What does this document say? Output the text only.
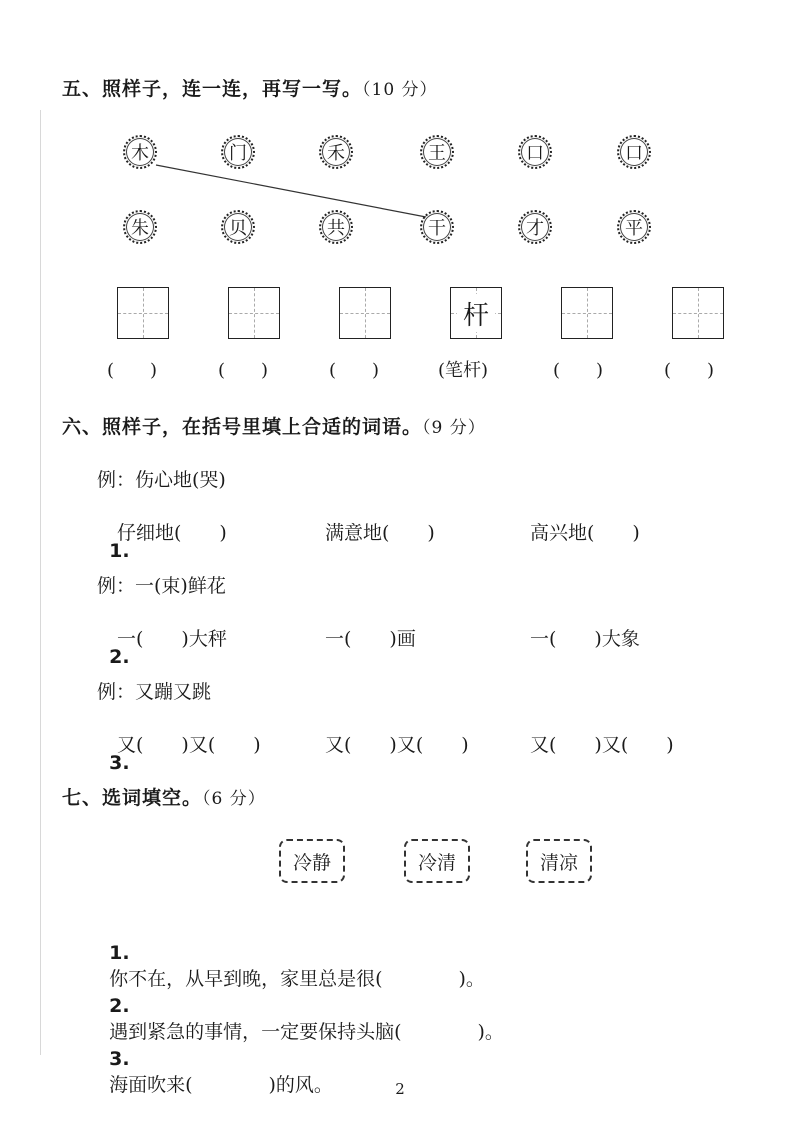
五、照样子，连一连，再写一写。（10 分）
木	门	禾	王	口	口
朱	贝	共	干	才	平
杆
(　　)	(　　)	(　　)	(笔杆)	(　　)	(　　)
六、照样子，在括号里填上合适的词语。（9 分）
例：伤心地(哭)

1.

仔细地(　　)	满意地(　　)	高兴地(　　)
例：一(束)鲜花

2.

一(　　)大秤	一(　　)画	一(　　)大象
例：又蹦又跳

3.

又(　　)又(　　)	又(　　)又(　　)	又(　　)又(　　)
七、选词填空。（6 分）
冷静	冷清	清凉

1.
你不在，从早到晚，家里总是很(　　　　)。

2.
遇到紧急的事情，一定要保持头脑(　　　　)。

3.
海面吹来(　　　　)的风。	2
